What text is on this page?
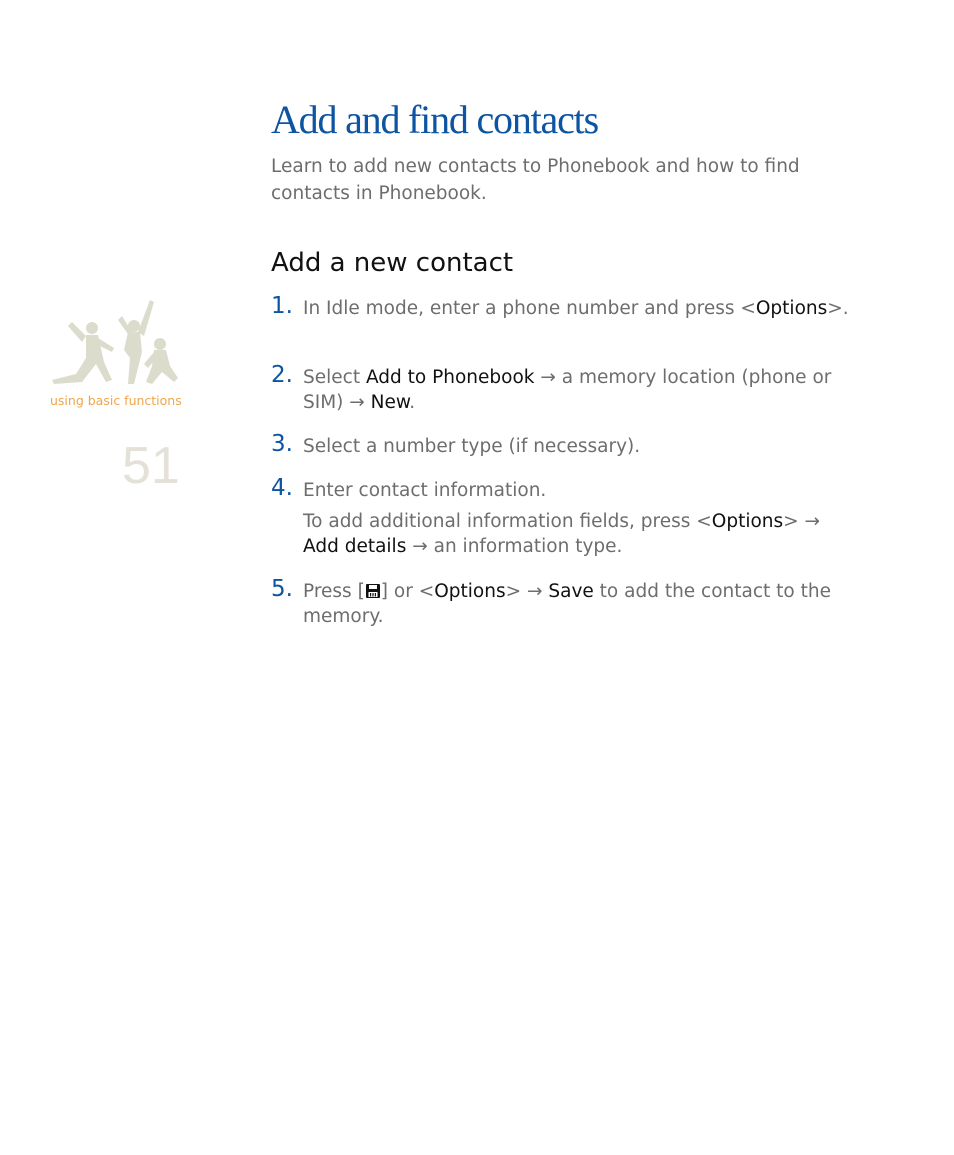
using basic functions
51
Add and find contacts

Learn to add new contacts to Phonebook and how to find contacts in Phonebook.

Add a new contact
1. In Idle mode, enter a phone number and press <Options>.
2. Select Add to Phonebook → a memory location (phone or SIM) → New.
3. Select a number type (if necessary).
4. Enter contact information.
To add additional information fields, press <Options> → Add details → an information type.
5. Press [ ] or <Options> → Save to add the contact to the memory.
